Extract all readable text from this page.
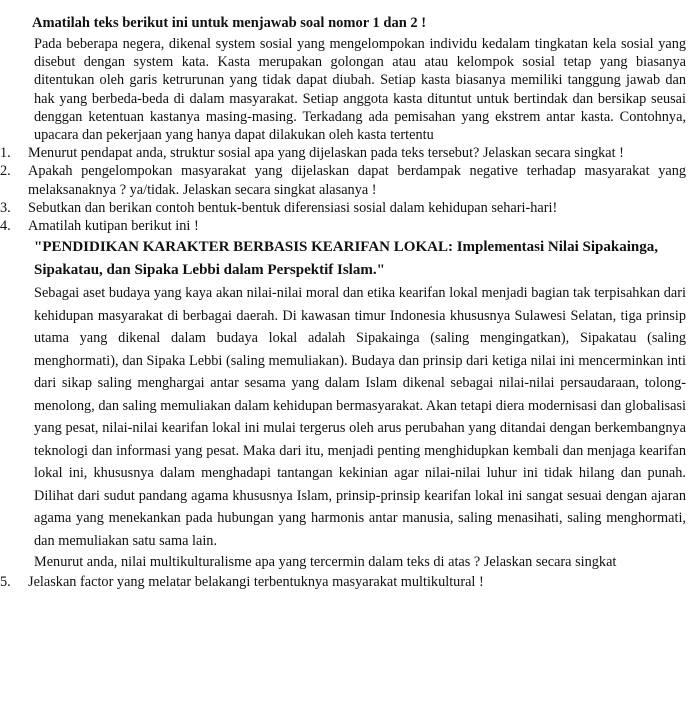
Amatilah teks berikut ini untuk menjawab soal nomor 1 dan 2 !
Pada beberapa negera, dikenal system sosial yang mengelompokan individu kedalam tingkatan kela sosial yang disebut dengan system kata. Kasta merupakan golongan atau atau kelompok sosial tetap yang biasanya ditentukan oleh garis ketrurunan yang tidak dapat diubah. Setiap kasta biasanya memiliki tanggung jawab dan hak yang berbeda-beda di dalam masyarakat. Setiap anggota kasta dituntut untuk bertindak dan bersikap seusai denggan ketentuan kastanya masing-masing. Terkadang ada pemisahan yang ekstrem antar kasta. Contohnya, upacara dan pekerjaan yang hanya dapat dilakukan oleh kasta tertentu
1.	Menurut pendapat anda, struktur sosial apa yang dijelaskan pada teks tersebut? Jelaskan secara singkat !
2.	Apakah pengelompokan masyarakat yang dijelaskan dapat berdampak negative terhadap masyarakat yang melaksanaknya ? ya/tidak. Jelaskan secara singkat alasanya !
3.	Sebutkan dan berikan contoh bentuk-bentuk diferensiasi sosial dalam kehidupan sehari-hari!
4.	Amatilah kutipan berikut ini !
"PENDIDIKAN KARAKTER BERBASIS KEARIFAN LOKAL: Implementasi Nilai Sipakainga, Sipakatau, dan Sipaka Lebbi dalam Perspektif Islam."
Sebagai aset budaya yang kaya akan nilai-nilai moral dan etika kearifan lokal menjadi bagian tak terpisahkan dari kehidupan masyarakat di berbagai daerah. Di kawasan timur Indonesia khususnya Sulawesi Selatan, tiga prinsip utama yang dikenal dalam budaya lokal adalah Sipakainga (saling mengingatkan), Sipakatau (saling menghormati), dan Sipaka Lebbi (saling memuliakan). Budaya dan prinsip dari ketiga nilai ini mencerminkan inti dari sikap saling menghargai antar sesama yang dalam Islam dikenal sebagai nilai-nilai persaudaraan, tolong-menolong, dan saling memuliakan dalam kehidupan bermasyarakat. Akan tetapi diera modernisasi dan globalisasi yang pesat, nilai-nilai kearifan lokal ini mulai tergerus oleh arus perubahan yang ditandai dengan berkembangnya teknologi dan informasi yang pesat. Maka dari itu, menjadi penting menghidupkan kembali dan menjaga kearifan lokal ini, khususnya dalam menghadapi tantangan kekinian agar nilai-nilai luhur ini tidak hilang dan punah. Dilihat dari sudut pandang agama khususnya Islam, prinsip-prinsip kearifan lokal ini sangat sesuai dengan ajaran agama yang menekankan pada hubungan yang harmonis antar manusia, saling menasihati, saling menghormati, dan memuliakan satu sama lain.
Menurut anda, nilai multikulturalisme apa yang tercermin dalam teks di atas ? Jelaskan secara singkat
5.	Jelaskan factor yang melatar belakangi terbentuknya masyarakat multikultural !
